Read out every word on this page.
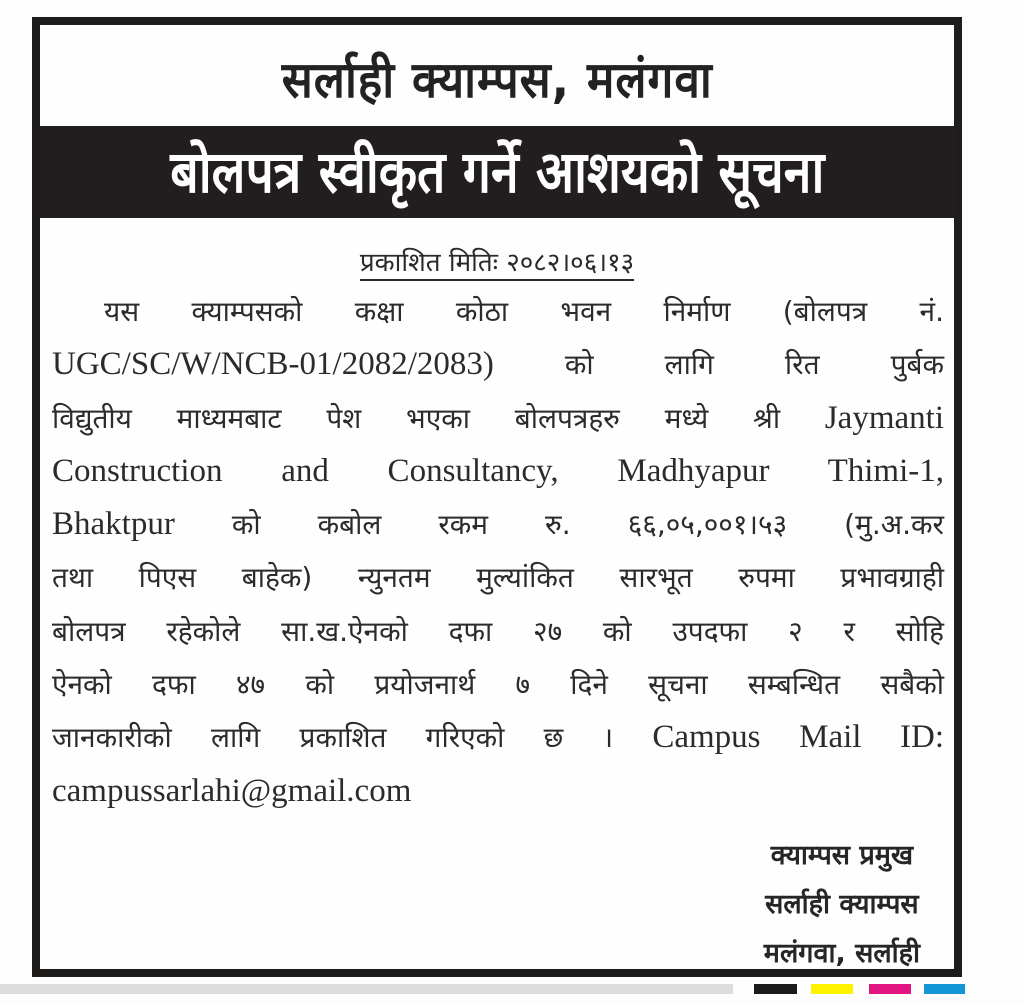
सर्लाही क्याम्पस, मलंगवा
बोलपत्र स्वीकृत गर्ने आशयको सूचना
प्रकाशित मितिः २०८२।०६।१३
यस क्याम्पसको कक्षा कोठा भवन निर्माण (बोलपत्र नं.
UGC/SC/W/NCB-01/2082/2083) को लागि रित पुर्बक
विद्युतीय माध्यमबाट पेश भएका बोलपत्रहरु मध्ये श्री Jaymanti
Construction and Consultancy, Madhyapur Thimi-1,
Bhaktpur को कबोल रकम रु. ६६,०५,००१।५३ (मु.अ.कर
तथा पिएस बाहेक) न्युनतम मुल्यांकित सारभूत रुपमा प्रभावग्राही
बोलपत्र रहेकोले सा.ख.ऐनको दफा २७ को उपदफा २ र सोहि
ऐनको दफा ४७ को प्रयोजनार्थ ७ दिने सूचना सम्बन्धित सबैको
जानकारीको लागि प्रकाशित गरिएको छ । Campus Mail ID:
campussarlahi@gmail.com
क्याम्पस प्रमुख
सर्लाही क्याम्पस
मलंगवा, सर्लाही
